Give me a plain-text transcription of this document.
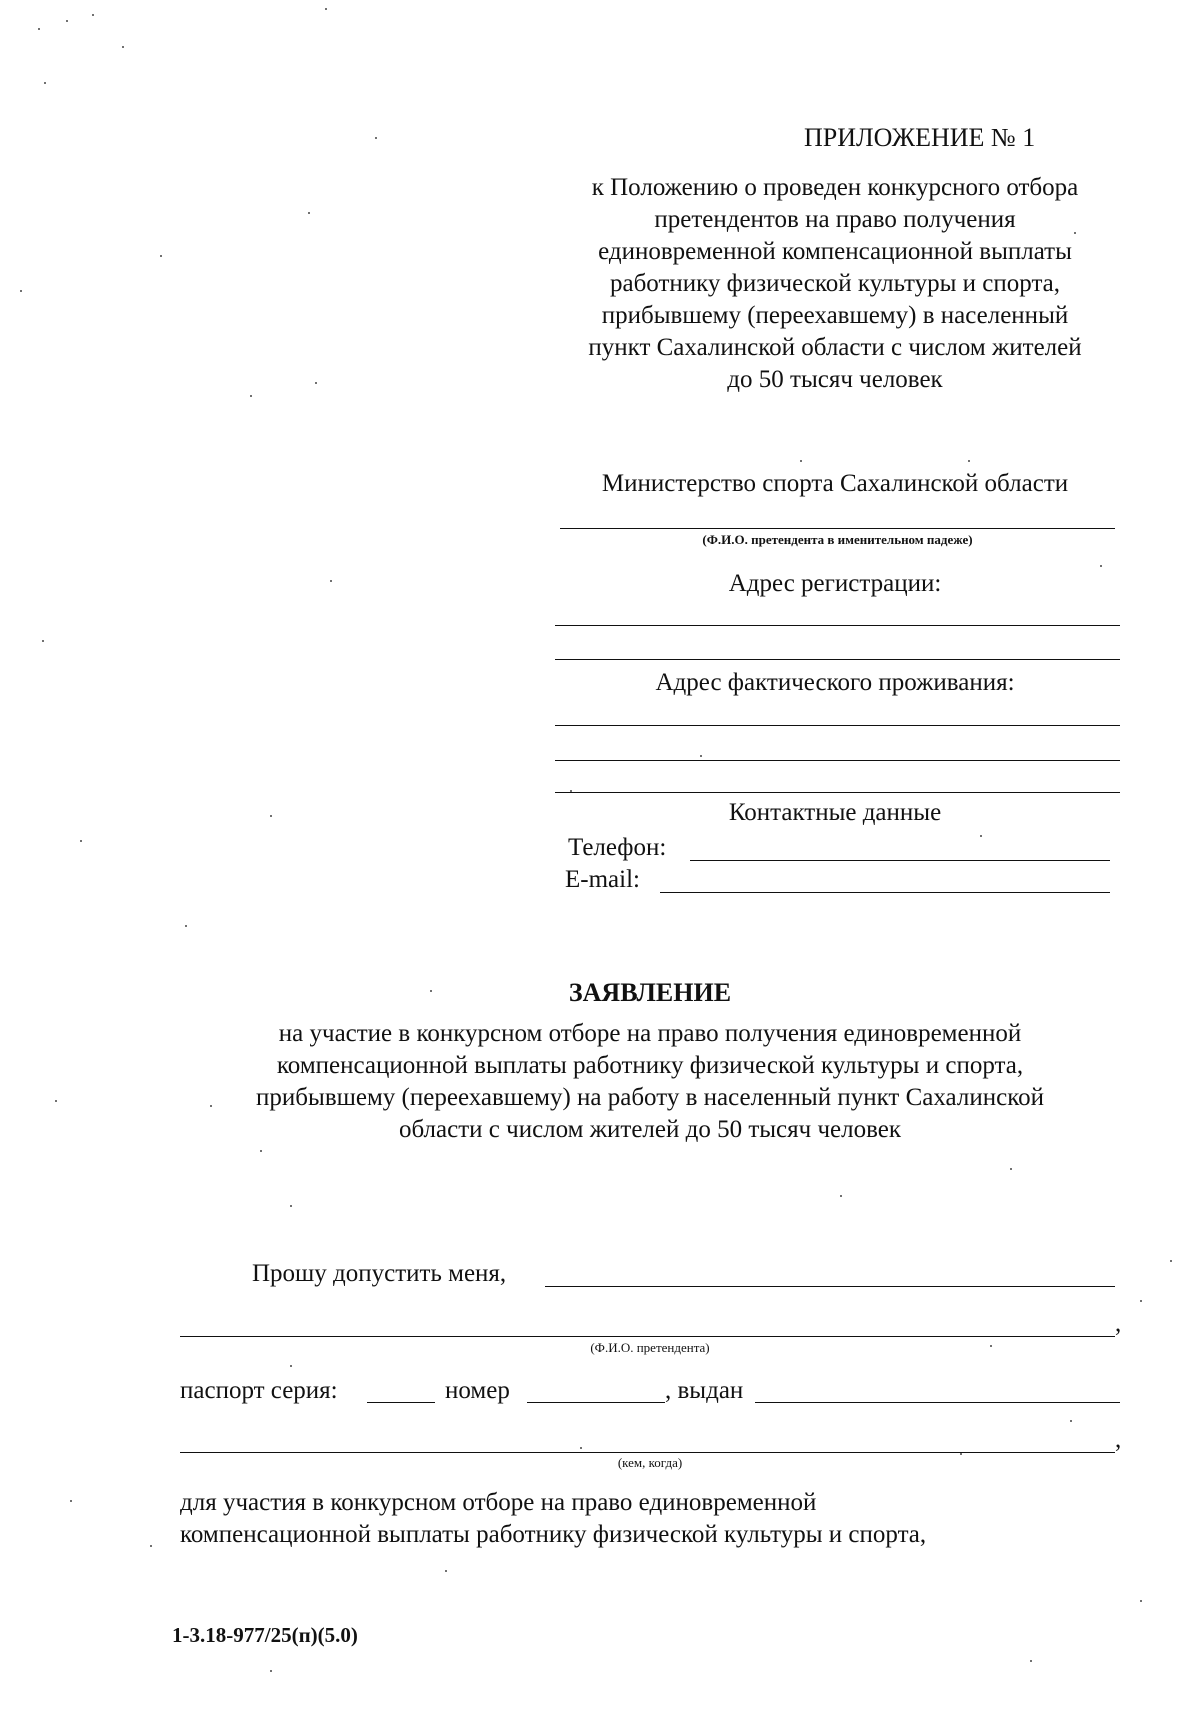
ПРИЛОЖЕНИЕ № 1
к Положению о проведен конкурсного отбора
претендентов на право получения
единовременной компенсационной выплаты
работнику физической культуры и спорта,
прибывшему (переехавшему) в населенный
пункт Сахалинской области с числом жителей
до 50 тысяч человек
Министерство спорта Сахалинской области
(Ф.И.О. претендента в именительном падеже)
Адрес регистрации:
Адрес фактического проживания:
Контактные данные
Телефон:
E-mail:
ЗАЯВЛЕНИЕ
на участие в конкурсном отборе на право получения единовременной
компенсационной выплаты работнику физической культуры и спорта,
прибывшему (переехавшему) на работу в населенный пункт Сахалинской
области с числом жителей до 50 тысяч человек
Прошу допустить меня,
,
(Ф.И.О. претендента)
паспорт серия:	номер	, выдан
,
(кем, когда)
для участия в конкурсном отборе на право единовременной
компенсационной выплаты работнику физической культуры и спорта,
1-3.18-977/25(п)(5.0)
